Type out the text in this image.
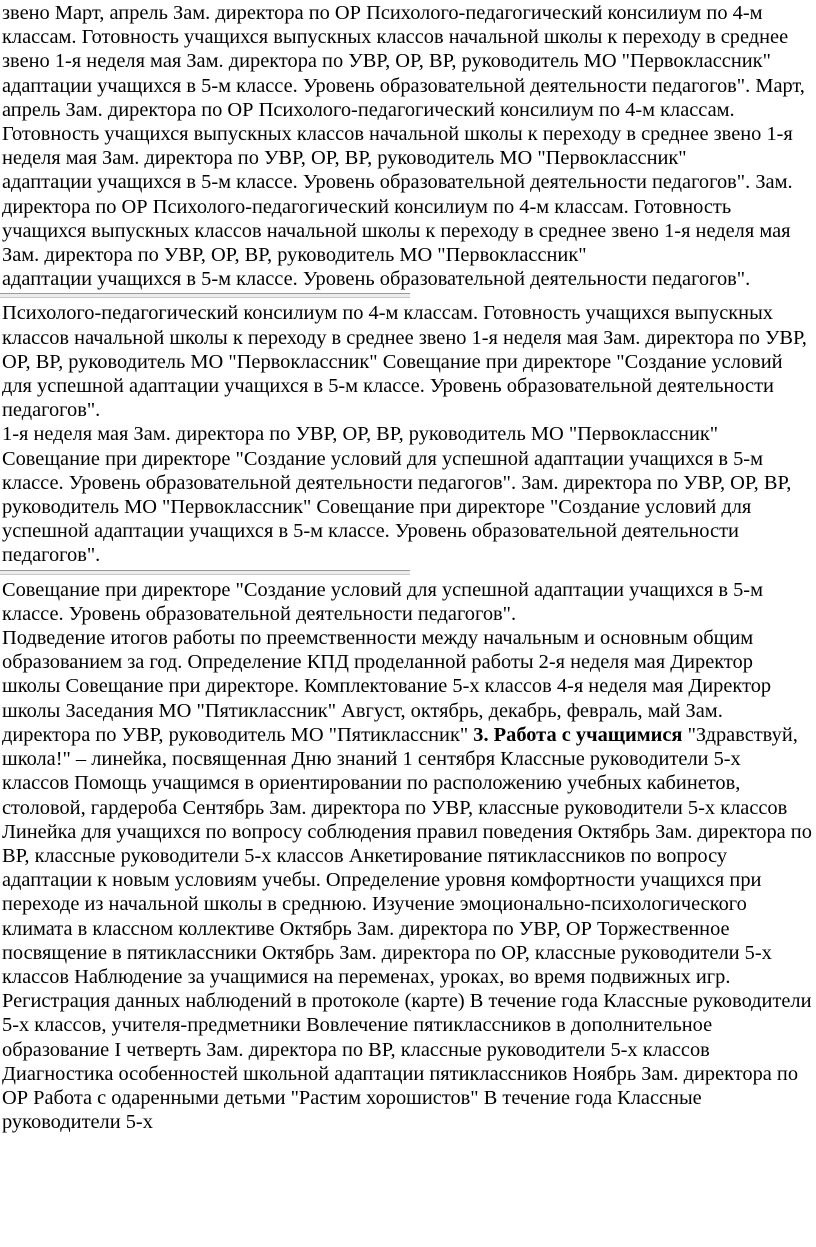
звено Март, апрель Зам. директора по ОР Психолого-педагогический консилиум по 4-м классам. Готовность учащихся выпускных классов начальной школы к переходу в среднее звено 1-я неделя мая Зам. директора по УВР, ОР, ВР, руководитель МО "Первоклассник"

адаптации учащихся в 5-м классе. Уровень образовательной деятельности педагогов". Март, апрель Зам. директора по ОР Психолого-педагогический консилиум по 4-м классам. Готовность учащихся выпускных классов начальной школы к переходу в среднее звено 1-я неделя мая Зам. директора по УВР, ОР, ВР, руководитель МО "Первоклассник"

адаптации учащихся в 5-м классе. Уровень образовательной деятельности педагогов". Зам. директора по ОР Психолого-педагогический консилиум по 4-м классам. Готовность учащихся выпускных классов начальной школы к переходу в среднее звено 1-я неделя мая Зам. директора по УВР, ОР, ВР, руководитель МО "Первоклассник"

адаптации учащихся в 5-м классе. Уровень образовательной деятельности педагогов".

Психолого-педагогический консилиум по 4-м классам. Готовность учащихся выпускных классов начальной школы к переходу в среднее звено 1-я неделя мая Зам. директора по УВР, ОР, ВР, руководитель МО "Первоклассник" Совещание при директоре "Создание условий для успешной адаптации учащихся в 5-м классе. Уровень образовательной деятельности педагогов".

1-я неделя мая Зам. директора по УВР, ОР, ВР, руководитель МО "Первоклассник" Совещание при директоре "Создание условий для успешной адаптации учащихся в 5-м классе. Уровень образовательной деятельности педагогов". Зам. директора по УВР, ОР, ВР, руководитель МО "Первоклассник" Совещание при директоре "Создание условий для успешной адаптации учащихся в 5-м классе. Уровень образовательной деятельности педагогов".

Совещание при директоре "Создание условий для успешной адаптации учащихся в 5-м классе. Уровень образовательной деятельности педагогов".

Подведение итогов работы по преемственности между начальным и основным общим образованием за год. Определение КПД проделанной работы 2-я неделя мая Директор школы Совещание при директоре. Комплектование 5-х классов 4-я неделя мая Директор школы Заседания МО "Пятиклассник" Август, октябрь, декабрь, февраль, май Зам. директора по УВР, руководитель МО "Пятиклассник" 3. Работа с учащимися "Здравствуй, школа!" – линейка, посвященная Дню знаний 1 сентября Классные руководители 5-х классов Помощь учащимся в ориентировании по расположению учебных кабинетов, столовой, гардероба Сентябрь Зам. директора по УВР, классные руководители 5-х классов Линейка для учащихся по вопросу соблюдения правил поведения Октябрь Зам. директора по ВР, классные руководители 5-х классов Анкетирование пятиклассников по вопросу адаптации к новым условиям учебы. Определение уровня комфортности учащихся при переходе из начальной школы в среднюю. Изучение эмоционально-психологического климата в классном коллективе Октябрь Зам. директора по УВР, ОР Торжественное посвящение в пятиклассники Октябрь Зам. директора по ОР, классные руководители 5-х классов Наблюдение за учащимися на переменах, уроках, во время подвижных игр. Регистрация данных наблюдений в протоколе (карте) В течение года Классные руководители 5-х классов, учителя-предметники Вовлечение пятиклассников в дополнительное образование I четверть Зам. директора по ВР, классные руководители 5-х классов Диагностика особенностей школьной адаптации пятиклассников Ноябрь Зам. директора по ОР Работа с одаренными детьми "Растим хорошистов" В течение года Классные руководители 5-х
